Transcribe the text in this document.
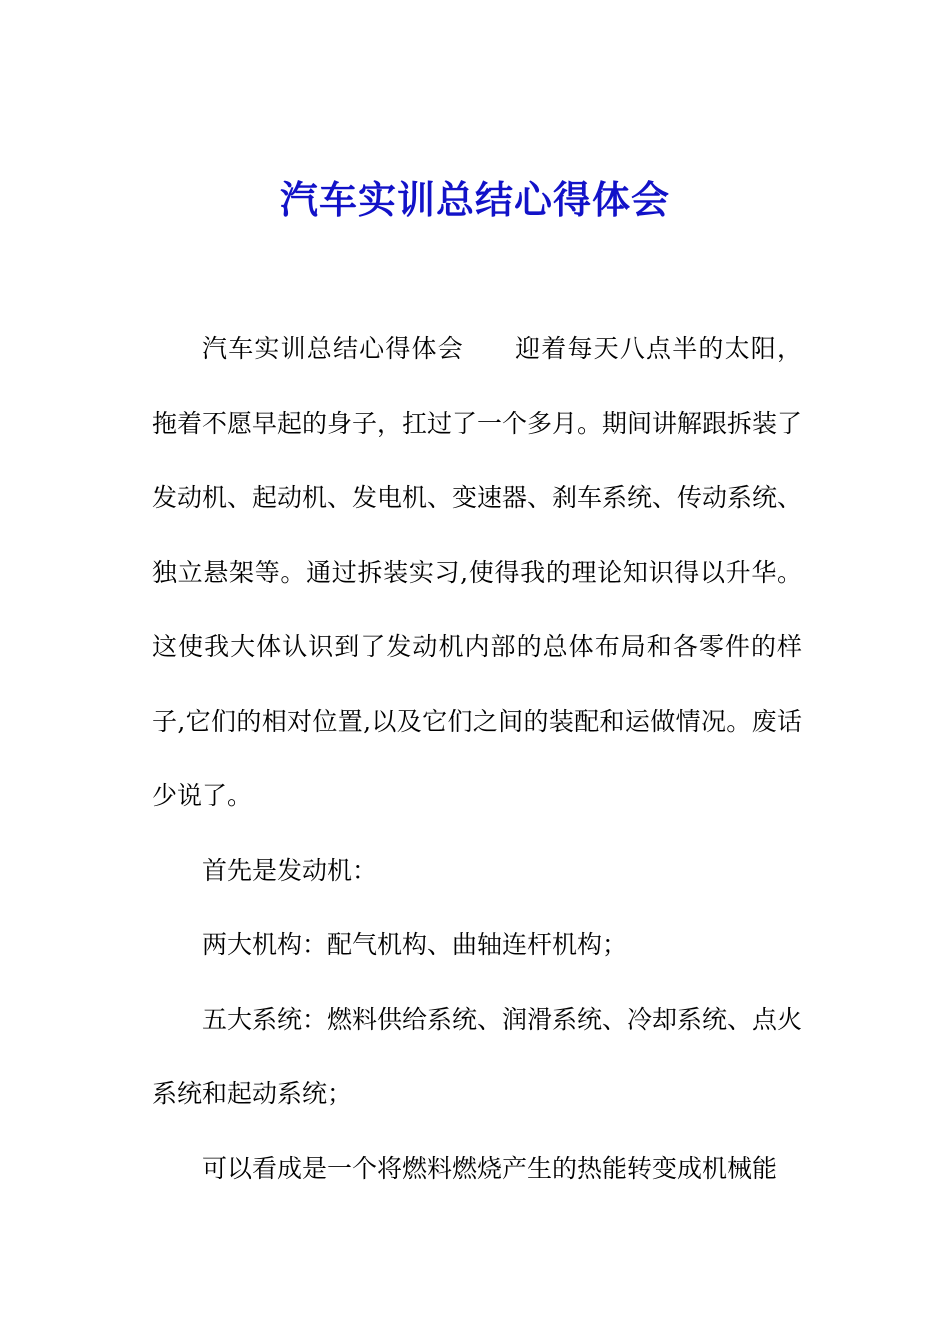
汽车实训总结心得体会

汽车实训总结心得体会 迎着每天八点半的太阳，拖着不愿早起的身子，扛过了一个多月。期间讲解跟拆装了发动机、起动机、发电机、变速器、刹车系统、传动系统、独立悬架等。通过拆装实习,使得我的理论知识得以升华。这使我大体认识到了发动机内部的总体布局和各零件的样子,它们的相对位置,以及它们之间的装配和运做情况。废话少说了。

首先是发动机：

两大机构：配气机构、曲轴连杆机构；

五大系统：燃料供给系统、润滑系统、冷却系统、点火系统和起动系统；

可以看成是一个将燃料燃烧产生的热能转变成机械能
